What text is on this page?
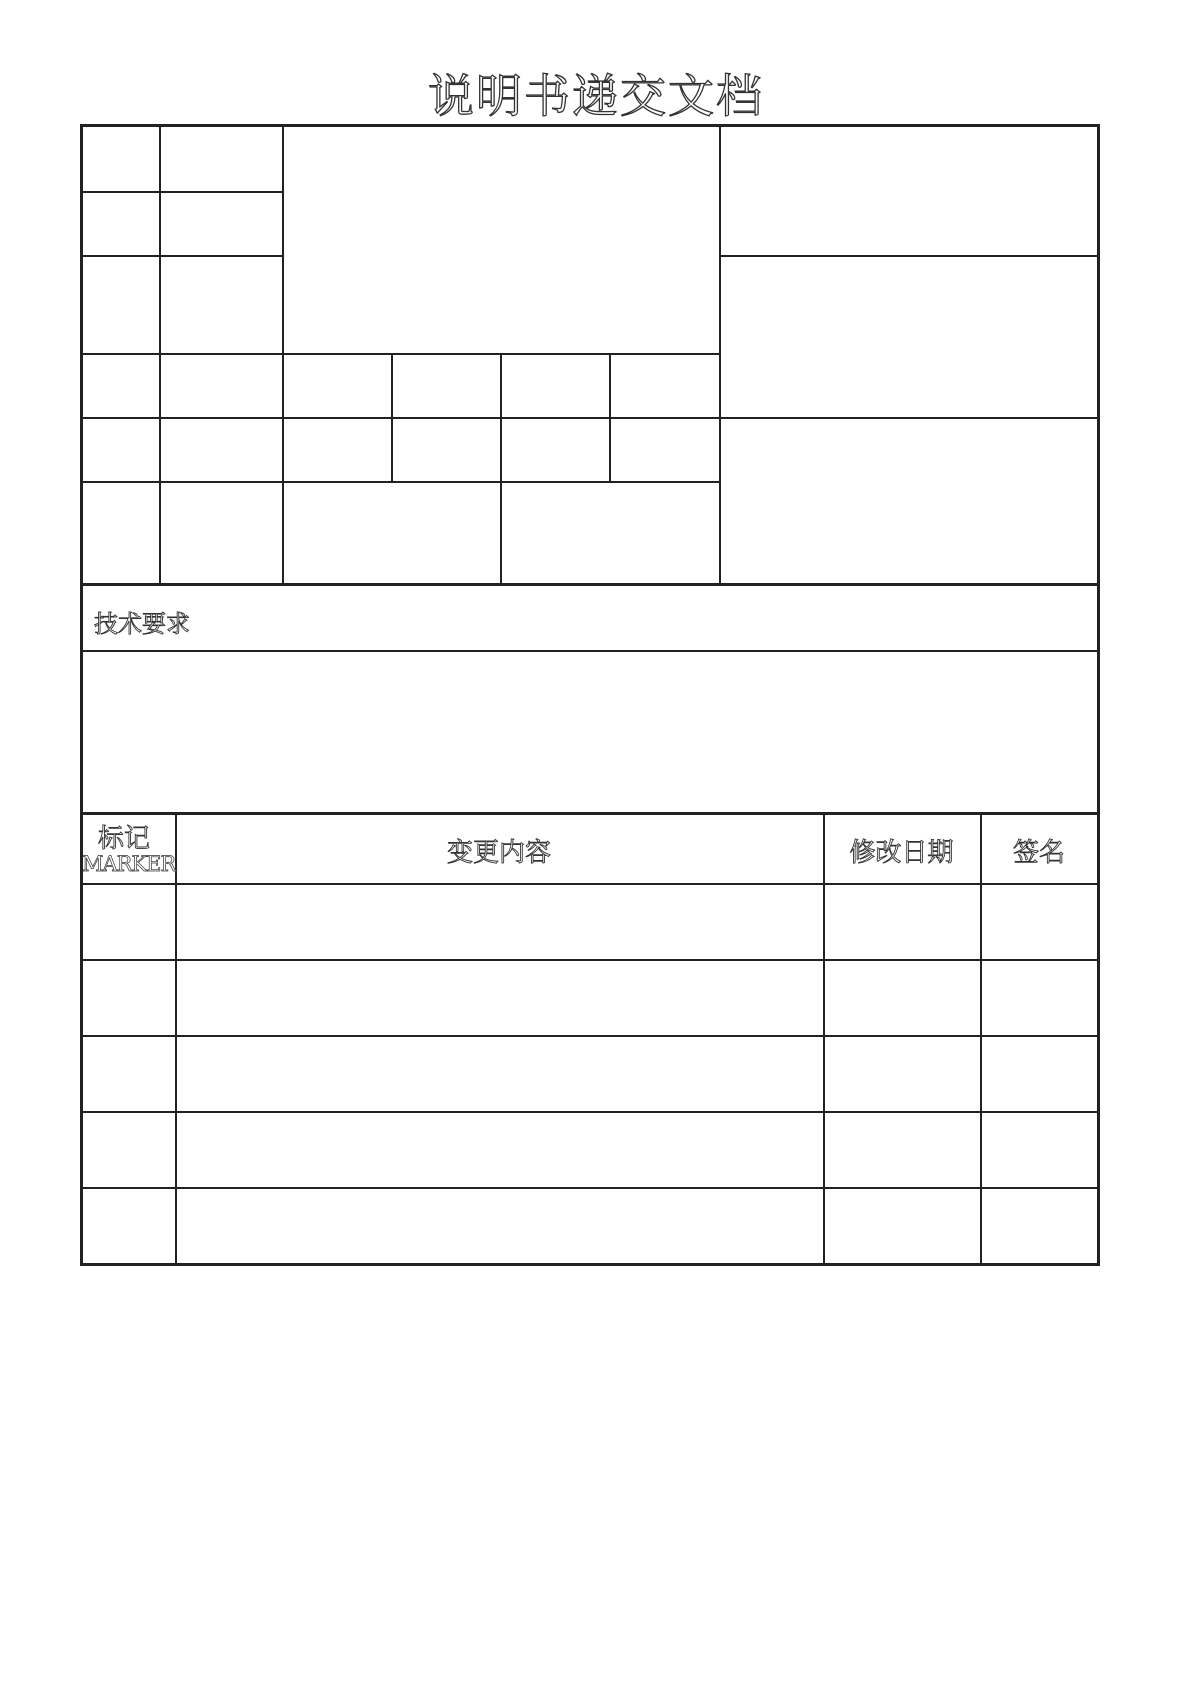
说明书递交文档
技术要求
标记
MARKER	变更内容	修改日期	签名
